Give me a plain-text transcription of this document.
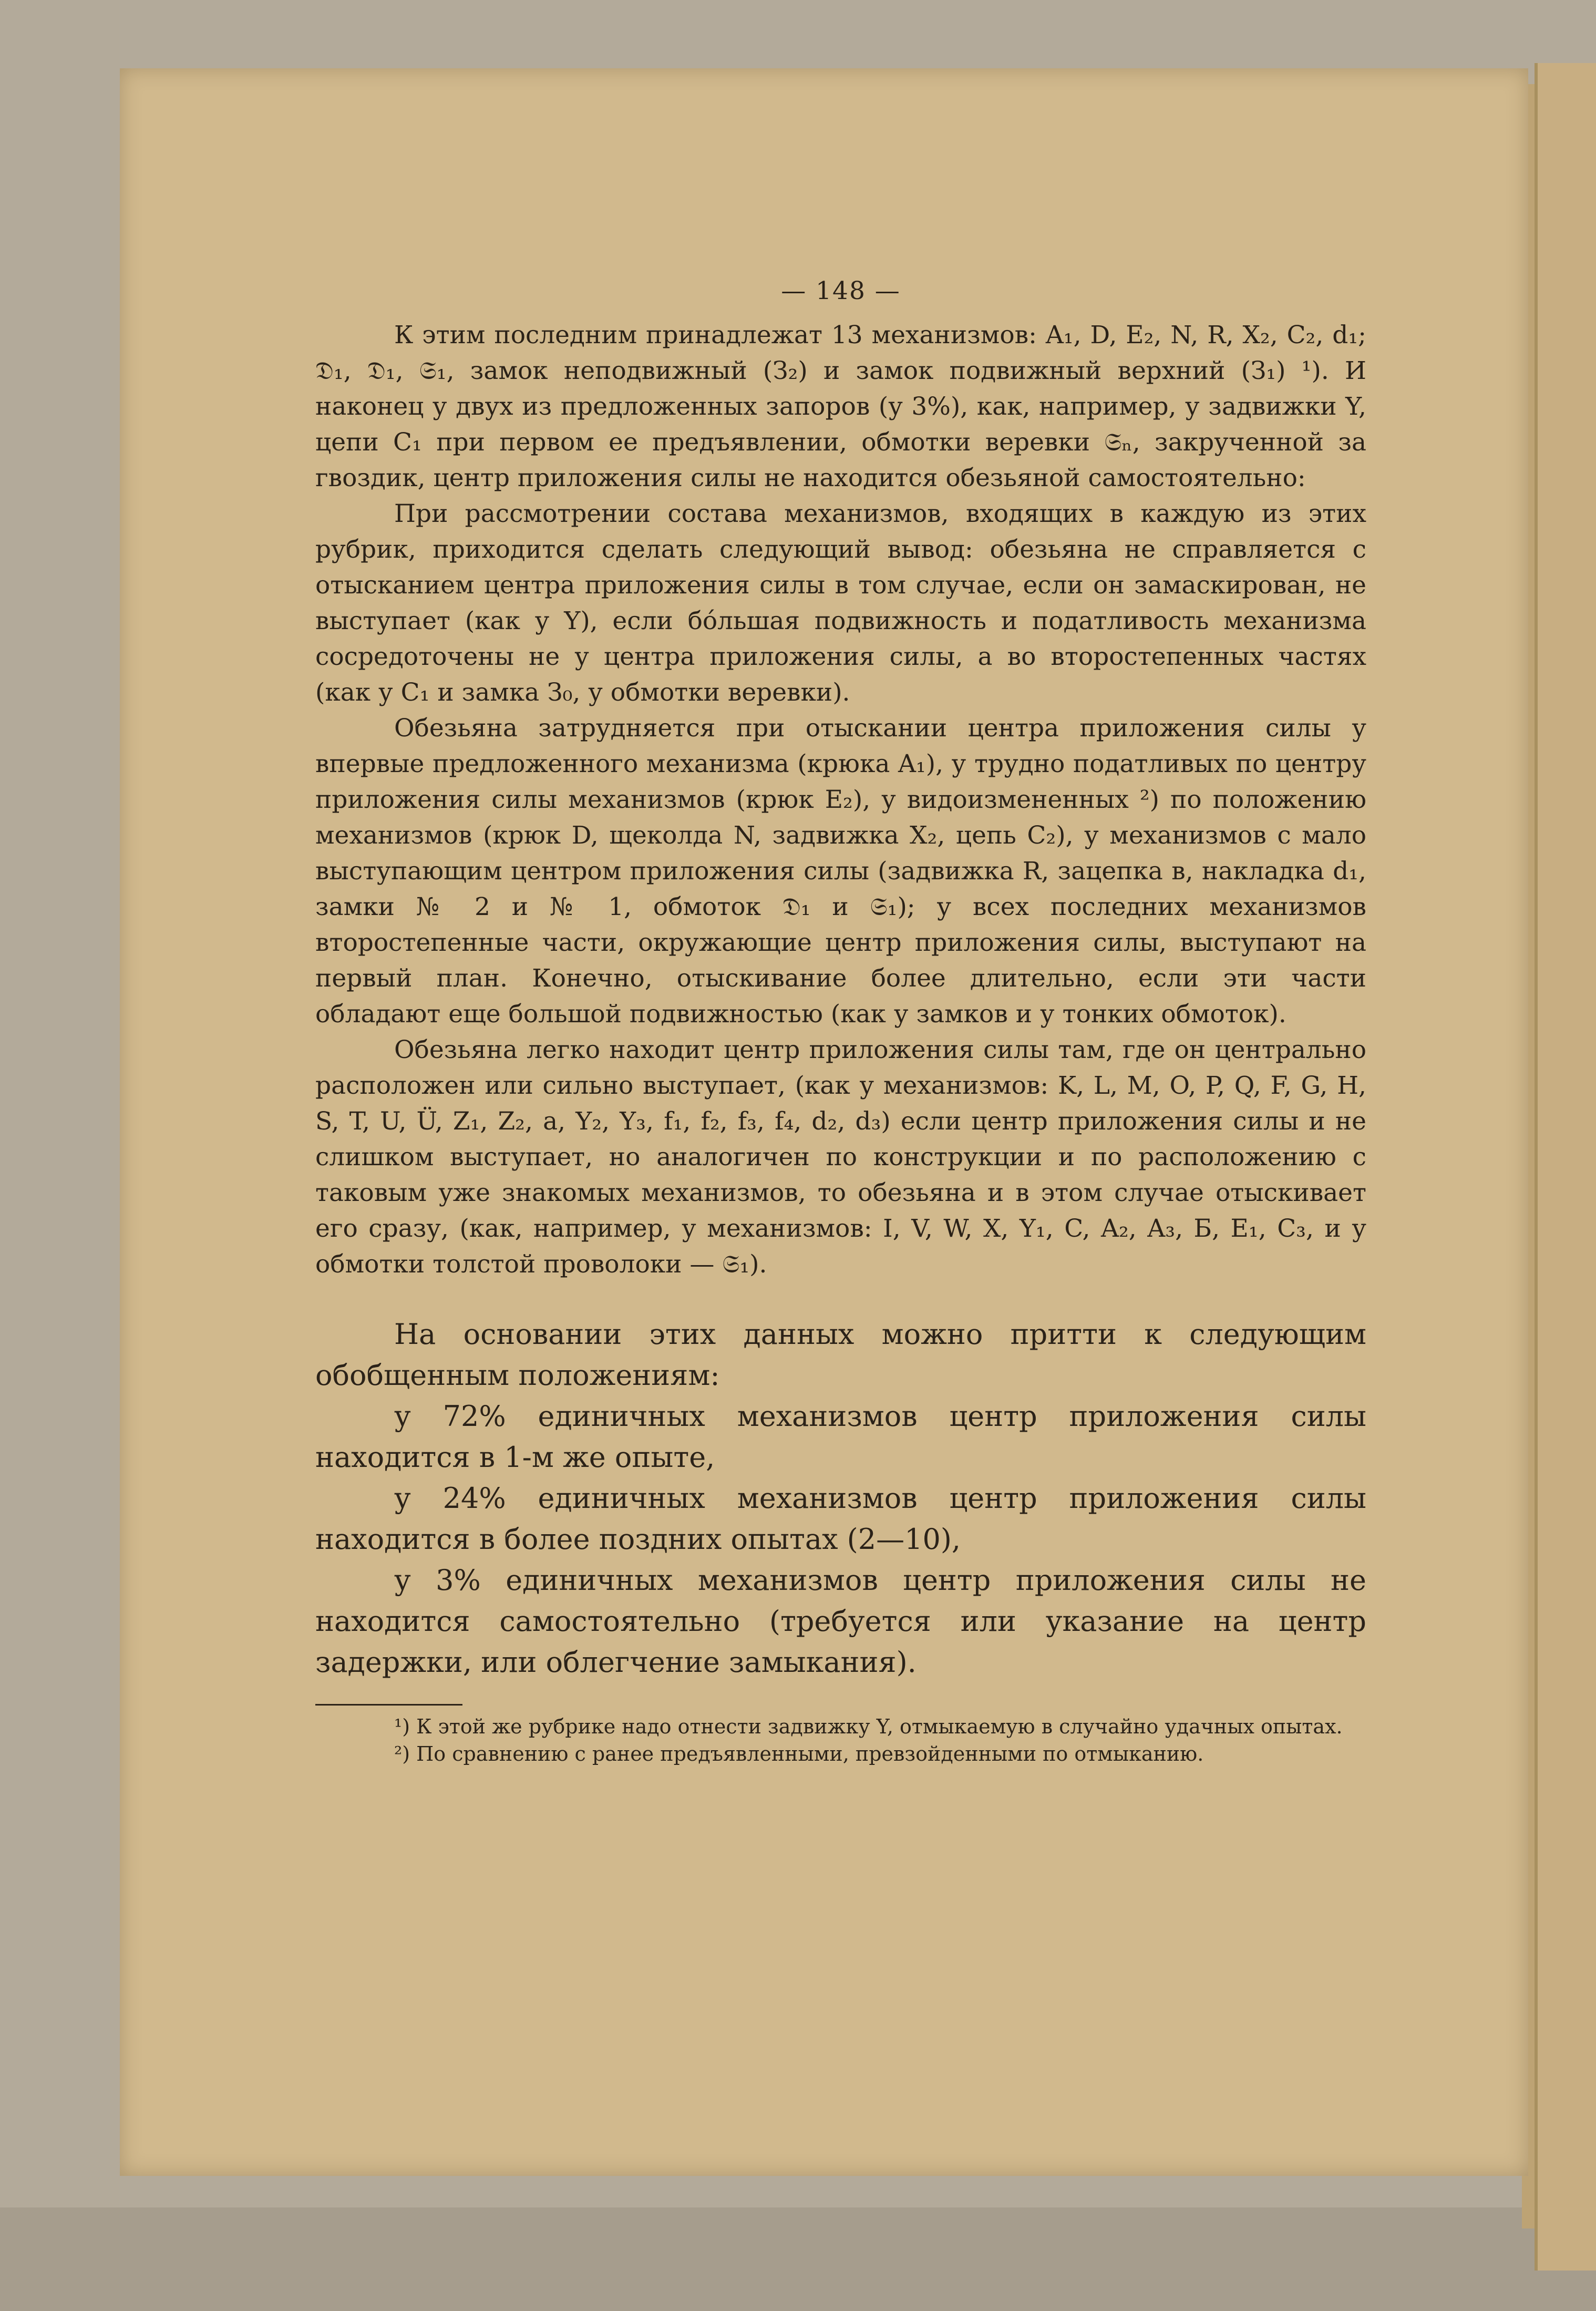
— 148 —

К этим последним принадлежат 13 механизмов: A₁, D, E₂, N, R, X₂, C₂, d₁; 𝔇₁, 𝔇₁, 𝔖₁, замок неподвижный (З₂) и замок подвижный верхний (З₁) ¹). И наконец у двух из предложенных запоров (у 3%), как, например, у задвижки Y, цепи C₁ при первом ее предъявлении, обмотки веревки 𝔖ₙ, закрученной за гвоздик, центр приложения силы не находится обезьяной самостоятельно:

При рассмотрении состава механизмов, входящих в каждую из этих рубрик, приходится сделать следующий вывод: обезьяна не справляется с отысканием центра приложения силы в том случае, если он замаскирован, не выступает (как у Y), если бо́льшая подвижность и податливость механизма сосредоточены не у центра приложения силы, а во второстепенных частях (как у C₁ и замка З₀, у обмотки веревки).

Обезьяна затрудняется при отыскании центра приложения силы у впервые предложенного механизма (крюка A₁), у трудно податливых по центру приложения силы механизмов (крюк E₂), у видоизмененных ²) по положению механизмов (крюк D, щеколда N, задвижка X₂, цепь C₂), у механизмов с мало выступающим центром приложения силы (задвижка R, зацепка в, накладка d₁, замки № 2 и № 1, обмоток 𝔇₁ и 𝔖₁); у всех последних механизмов второстепенные части, окружающие центр приложения силы, выступают на первый план. Конечно, отыскивание более длительно, если эти части обладают еще большой подвижностью (как у замков и у тонких обмоток).

Обезьяна легко находит центр приложения силы там, где он центрально расположен или сильно выступает, (как у механизмов: K, L, M, O, P, Q, F, G, H, S, T, U, Ü, Z₁, Z₂, a, Y₂, Y₃, f₁, f₂, f₃, f₄, d₂, d₃) если центр приложения силы и не слишком выступает, но аналогичен по конструкции и по расположению с таковым уже знакомых механизмов, то обезьяна и в этом случае отыскивает его сразу, (как, например, у механизмов: I, V, W, X, Y₁, C, A₂, A₃, Б, E₁, C₃, и у обмотки толстой проволоки — 𝔖₁).

На основании этих данных можно притти к следующим обобщенным положениям:

у 72% единичных механизмов центр приложения силы находится в 1-м же опыте,

у 24% единичных механизмов центр приложения силы находится в более поздних опытах (2—10),

у 3% единичных механизмов центр приложения силы не находится самостоятельно (требуется или указание на центр задержки, или облегчение замыкания).

¹) К этой же рубрике надо отнести задвижку Y, отмыкаемую в случайно удачных опытах.

²) По сравнению с ранее предъявленными, превзойденными по отмыканию.
